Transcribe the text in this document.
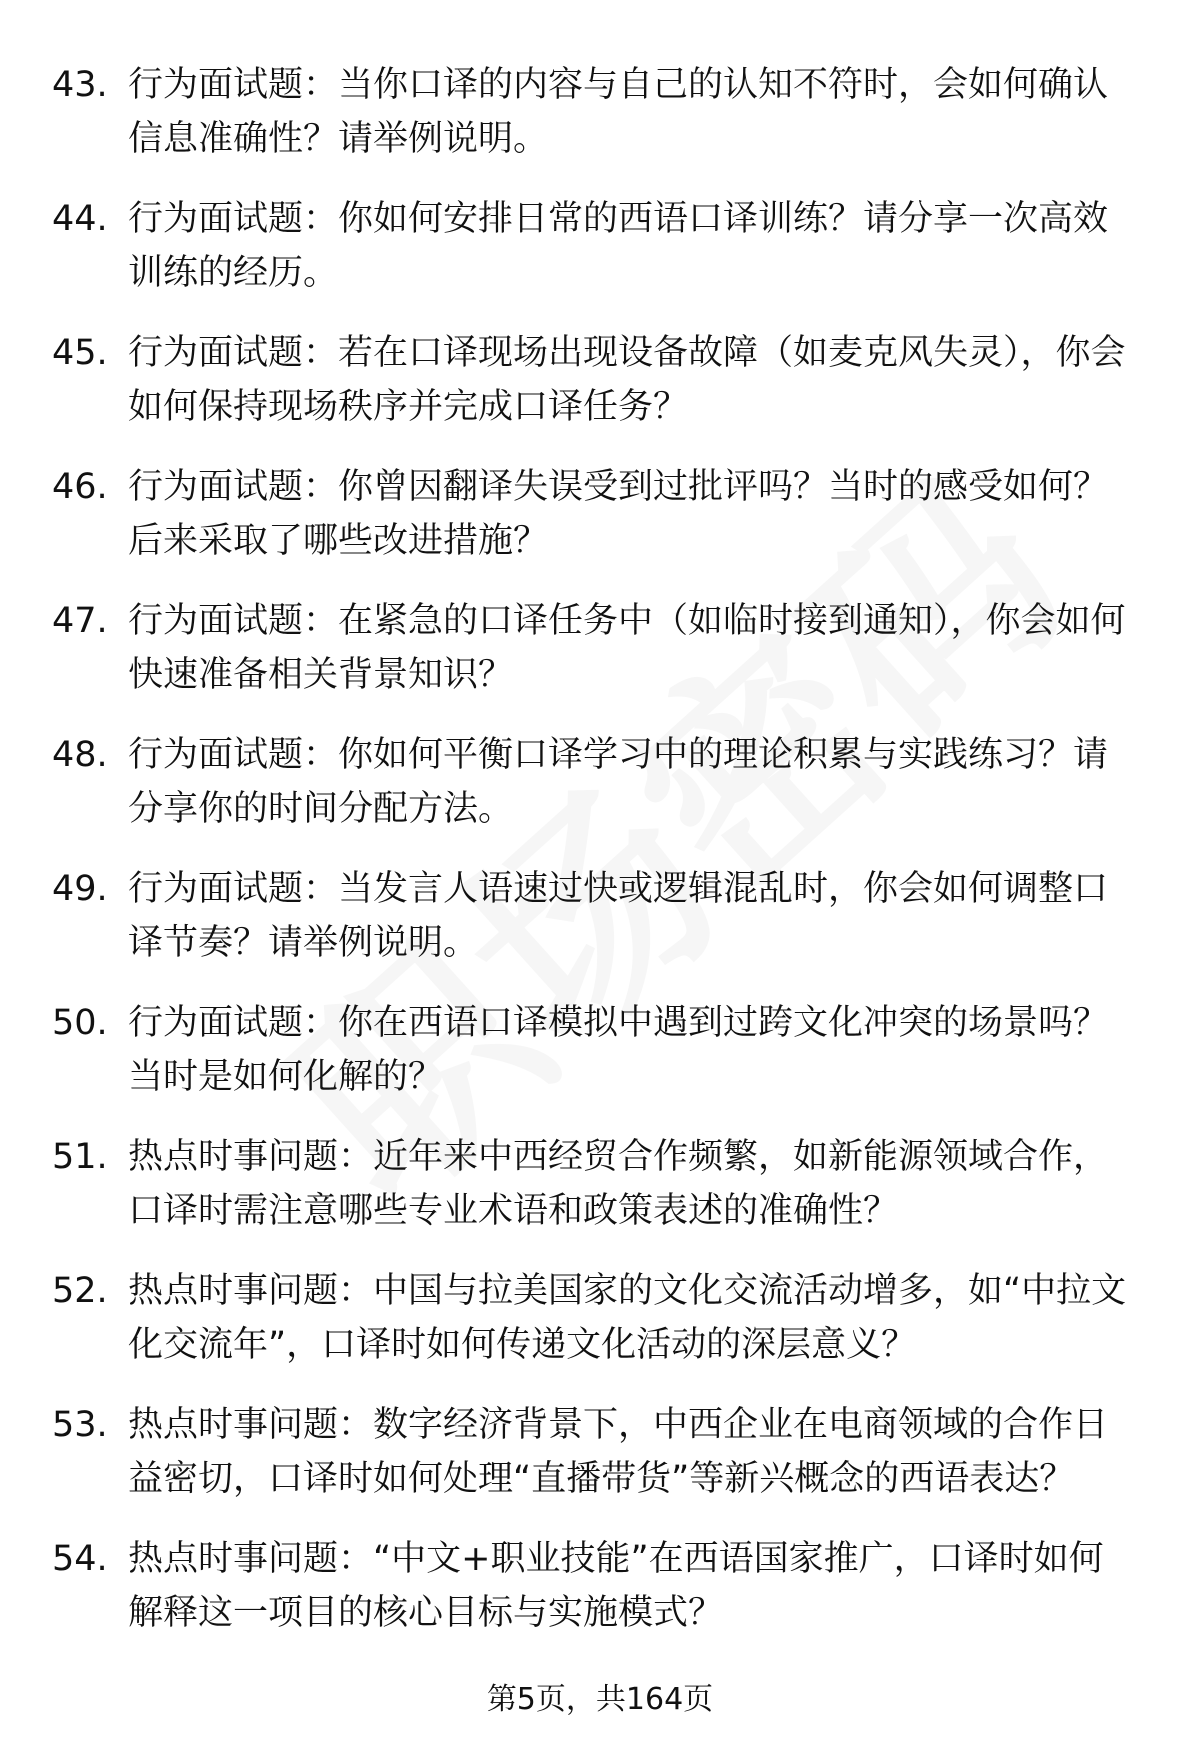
43. 行为面试题：当你口译的内容与自己的认知不符时，会如何确认信息准确性？请举例说明。
44. 行为面试题：你如何安排日常的西语口译训练？请分享一次高效训练的经历。
45. 行为面试题：若在口译现场出现设备故障（如麦克风失灵），你会如何保持现场秩序并完成口译任务？
46. 行为面试题：你曾因翻译失误受到过批评吗？当时的感受如何？后来采取了哪些改进措施？
47. 行为面试题：在紧急的口译任务中（如临时接到通知），你会如何快速准备相关背景知识？
48. 行为面试题：你如何平衡口译学习中的理论积累与实践练习？请分享你的时间分配方法。
49. 行为面试题：当发言人语速过快或逻辑混乱时，你会如何调整口译节奏？请举例说明。
50. 行为面试题：你在西语口译模拟中遇到过跨文化冲突的场景吗？当时是如何化解的？
51. 热点时事问题：近年来中西经贸合作频繁，如新能源领域合作，口译时需注意哪些专业术语和政策表述的准确性？
52. 热点时事问题：中国与拉美国家的文化交流活动增多，如“中拉文化交流年”，口译时如何传递文化活动的深层意义？
53. 热点时事问题：数字经济背景下，中西企业在电商领域的合作日益密切，口译时如何处理“直播带货”等新兴概念的西语表达？
54. 热点时事问题：“中文+职业技能”在西语国家推广，口译时如何解释这一项目的核心目标与实施模式？
第5页，共164页
